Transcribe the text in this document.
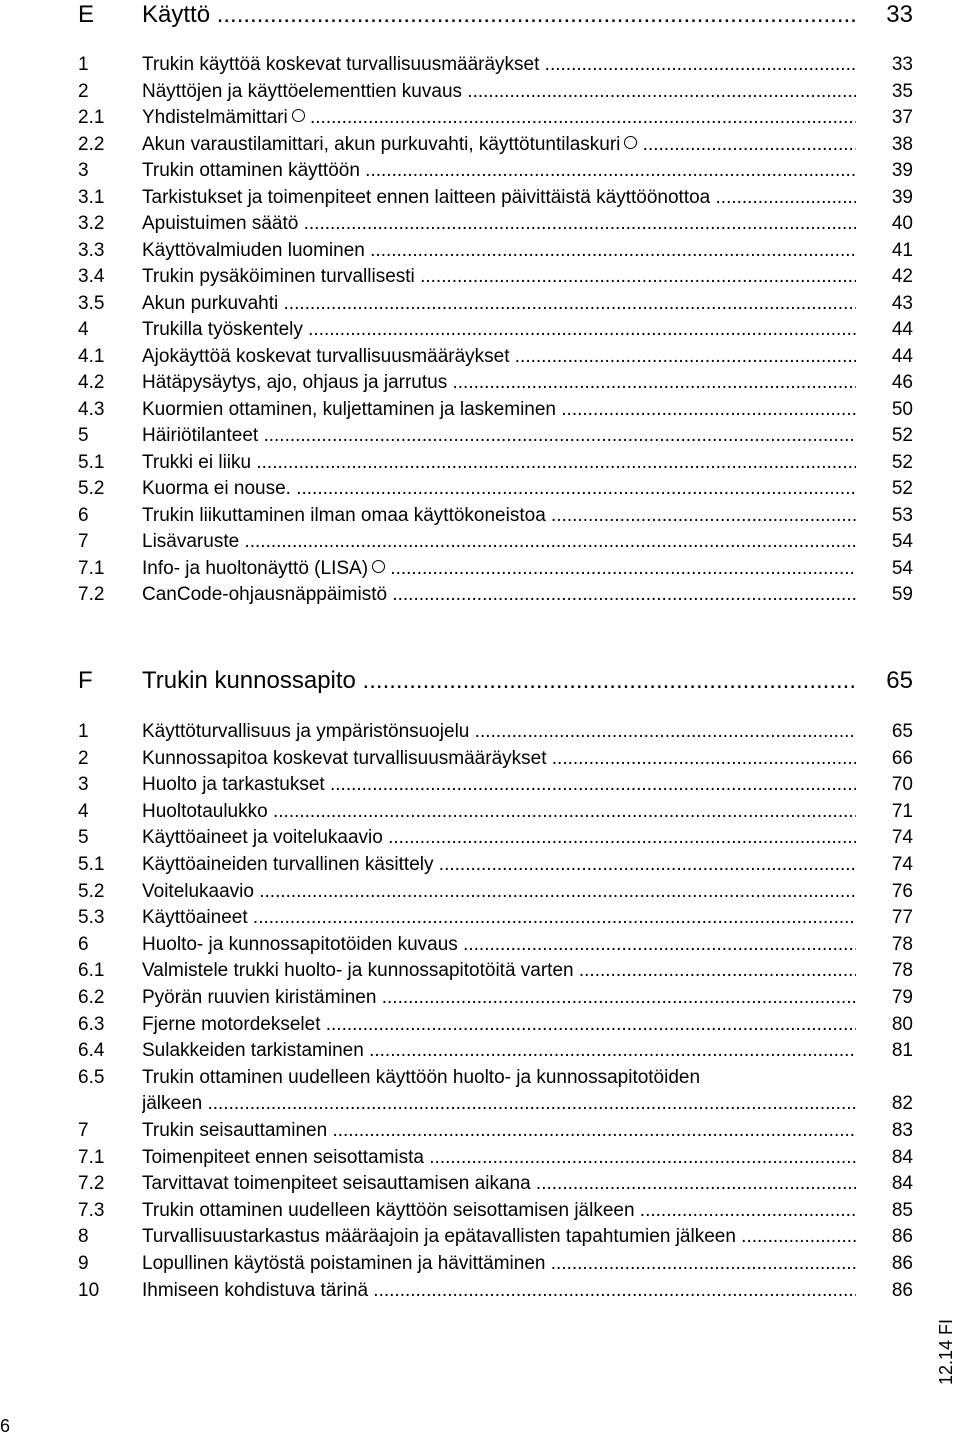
E Käyttö .....	33
1	Trukin käyttöä koskevat turvallisuusmääräykset .....	33
2	Näyttöjen ja käyttöelementtien kuvaus .....	35
2.1 Yhdistelmämittari .....	37
2.2 Akun varaustilamittari, akun purkuvahti, käyttötuntilaskuri .....	38
3	Trukin ottaminen käyttöön .....	39
3.1 Tarkistukset ja toimenpiteet ennen laitteen päivittäistä käyttöönottoa .....	39
3.2 Apuistuimen säätö .....	40
3.3 Käyttövalmiuden luominen .....	41
3.4 Trukin pysäköiminen turvallisesti .....	42
3.5 Akun purkuvahti .....	43
4	Trukilla työskentely .....	44
4.1 Ajokäyttöä koskevat turvallisuusmääräykset .....	44
4.2 Hätäpysäytys, ajo, ohjaus ja jarrutus .....	46
4.3 Kuormien ottaminen, kuljettaminen ja laskeminen .....	50
5	Häiriötilanteet .....	52
5.1 Trukki ei liiku .....	52
5.2 Kuorma ei nouse. .....	52
6	Trukin liikuttaminen ilman omaa käyttökoneistoa .....	53
7	Lisävaruste .....	54
7.1 Info- ja huoltonäyttö (LISA) .....	54
7.2 CanCode-ohjausnäppäimistö .....	59
F Trukin kunnossapito .....	65
1	Käyttöturvallisuus ja ympäristönsuojelu .....	65
2	Kunnossapitoa koskevat turvallisuusmääräykset .....	66
3	Huolto ja tarkastukset .....	70
4	Huoltotaulukko .....	71
5	Käyttöaineet ja voitelukaavio .....	74
5.1 Käyttöaineiden turvallinen käsittely .....	74
5.2 Voitelukaavio .....	76
5.3 Käyttöaineet .....	77
6	Huolto- ja kunnossapitotöiden kuvaus .....	78
6.1 Valmistele trukki huolto- ja kunnossapitotöitä varten .....	78
6.2 Pyörän ruuvien kiristäminen .....	79
6.3 Fjerne motordekselet .....	80
6.4 Sulakkeiden tarkistaminen .....	81
6.5 Trukin ottaminen uudelleen käyttöön huolto- ja kunnossapitotöiden
jälkeen .....	82
7	Trukin seisauttaminen .....	83
7.1 Toimenpiteet ennen seisottamista .....	84
7.2 Tarvittavat toimenpiteet seisauttamisen aikana .....	84
7.3 Trukin ottaminen uudelleen käyttöön seisottamisen jälkeen .....	85
8	Turvallisuustarkastus määräajoin ja epätavallisten tapahtumien jälkeen .....	86
9	Lopullinen käytöstä poistaminen ja hävittäminen .....	86
10 Ihmiseen kohdistuva tärinä .....	86
12.14 FI
6
